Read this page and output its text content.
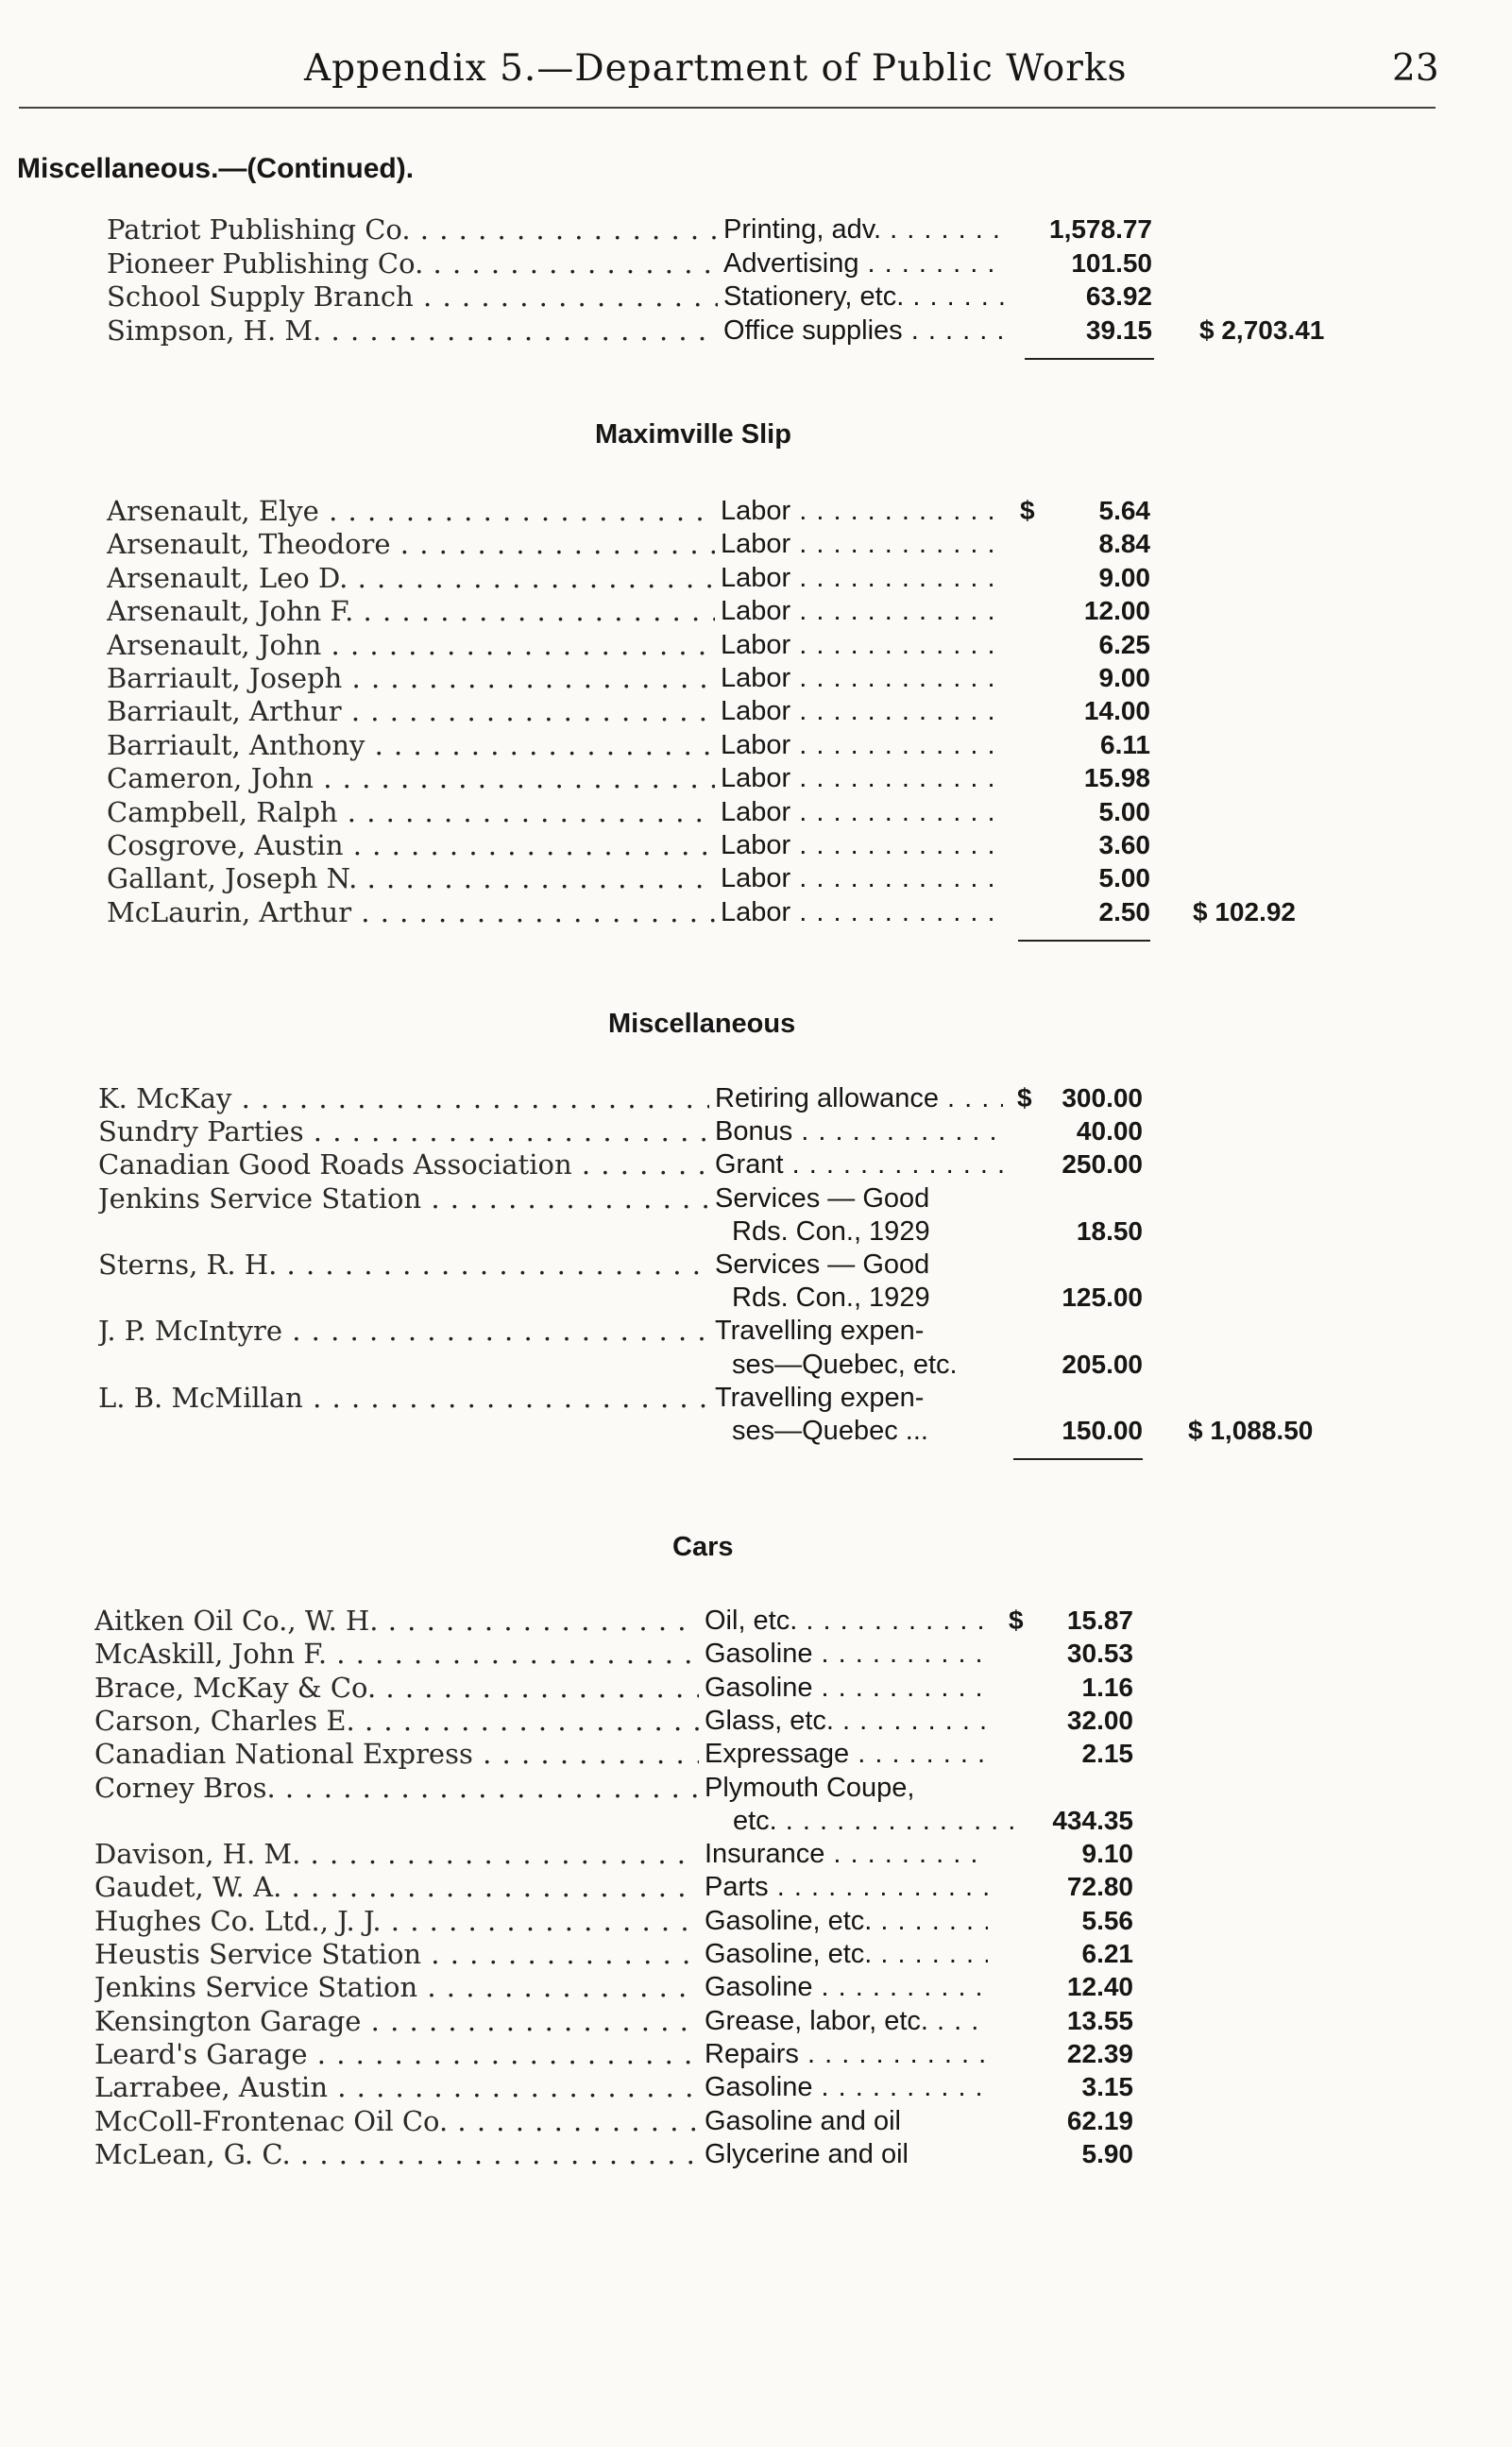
Appendix 5.—Department of Public Works	23
Miscellaneous.—(Continued).
Patriot Publishing Co. . . .	Printing, adv. . . .	1,578.77
Pioneer Publishing Co. . . .	Advertising . . .	101.50
School Supply Branch . . .	Stationery, etc. . . .	63.92
Simpson, H. M. . . .	Office supplies . . .	39.15 $ 2,703.41
Maximville Slip
Arsenault, Elye . . .	Labor . . .	$	5.64
Arsenault, Theodore . . .	Labor . . .	8.84
Arsenault, Leo D. . . .	Labor . . .	9.00
Arsenault, John F. . . .	Labor . . .	12.00
Arsenault, John . . .	Labor . . .	6.25
Barriault, Joseph . . .	Labor . . .	9.00
Barriault, Arthur . . .	Labor . . .	14.00
Barriault, Anthony . . .	Labor . . .	6.11
Cameron, John . . .	Labor . . .	15.98
Campbell, Ralph . . .	Labor . . .	5.00
Cosgrove, Austin . . .	Labor . . .	3.60
Gallant, Joseph N. . . .	Labor . . .	5.00
McLaurin, Arthur . . .	Labor . . .	2.50 $ 102.92
Miscellaneous
K. McKay . . .	Retiring allowance . . .	$	300.00
Sundry Parties . . .	Bonus . . .	40.00
Canadian Good Roads Association . . .	Grant . . .	250.00
Jenkins Service Station . . .	Services — Good
Rds. Con., 1929	18.50
Sterns, R. H. . . .	Services — Good
Rds. Con., 1929	125.00
J. P. McIntyre . . .	Travelling expen-
ses—Quebec, etc.	205.00
L. B. McMillan . . .	Travelling expen-
ses—Quebec ...	150.00 $ 1,088.50
Cars
Aitken Oil Co., W. H. . . .	Oil, etc. . . .	$	15.87
McAskill, John F. . . .	Gasoline . . .	30.53
Brace, McKay & Co. . . .	Gasoline . . .	1.16
Carson, Charles E. . . .	Glass, etc. . . .	32.00
Canadian National Express . . .	Expressage . . .	2.15
Corney Bros. . . .	Plymouth Coupe,
etc. . . .	434.35
Davison, H. M. . . .	Insurance . . .	9.10
Gaudet, W. A. . . .	Parts . . .	72.80
Hughes Co. Ltd., J. J. . . .	Gasoline, etc. . . .	5.56
Heustis Service Station . . .	Gasoline, etc. . . .	6.21
Jenkins Service Station . . .	Gasoline . . .	12.40
Kensington Garage . . .	Grease, labor, etc. . . .	13.55
Leard's Garage . . .	Repairs . . .	22.39
Larrabee, Austin . . .	Gasoline . . .	3.15
McColl-Frontenac Oil Co. . . .	Gasoline and oil	62.19
McLean, G. C. . . .	Glycerine and oil	5.90
